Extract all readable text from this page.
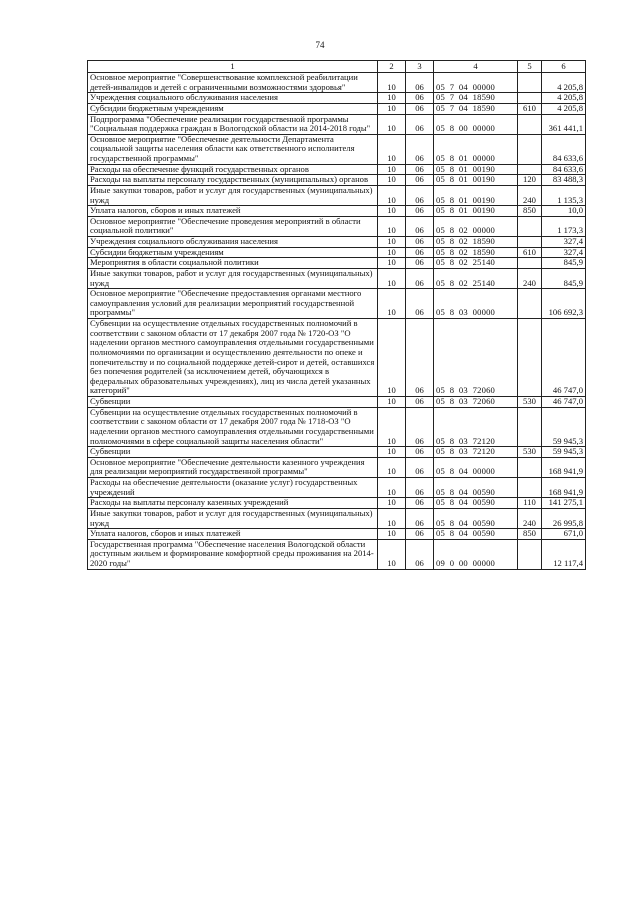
74
1	2	3	4	5	6
Основное мероприятие "Совершенствование комплексной реабилитации детей-инвалидов и детей с ограниченными возможностями здоровья"	10	06	05  7  04  00000		4 205,8
Учреждения социального обслуживания населения	10	06	05  7  04  18590		4 205,8
Субсидии бюджетным учреждениям	10	06	05  7  04  18590	610	4 205,8
Подпрограмма "Обеспечение реализации государственной программы "Социальная поддержка граждан в Вологодской области на 2014-2018 годы"	10	06	05  8  00  00000		361 441,1
Основное мероприятие "Обеспечение деятельности Департамента социальной защиты населения области как ответственного исполнителя государственной программы"	10	06	05  8  01  00000		84 633,6
Расходы на обеспечение функций государственных органов	10	06	05  8  01  00190		84 633,6
Расходы на выплаты персоналу государственных (муниципальных) органов	10	06	05  8  01  00190	120	83 488,3
Иные закупки товаров, работ и услуг для государственных (муниципальных) нужд	10	06	05  8  01  00190	240	1 135,3
Уплата налогов, сборов и иных платежей	10	06	05  8  01  00190	850	10,0
Основное мероприятие "Обеспечение проведения мероприятий в области социальной политики"	10	06	05  8  02  00000		1 173,3
Учреждения социального обслуживания населения	10	06	05  8  02  18590		327,4
Субсидии бюджетным учреждениям	10	06	05  8  02  18590	610	327,4
Мероприятия в области социальной политики	10	06	05  8  02  25140		845,9
Иные закупки товаров, работ и услуг для государственных (муниципальных) нужд	10	06	05  8  02  25140	240	845,9
Основное мероприятие "Обеспечение предоставления органами местного самоуправления условий для реализации мероприятий государственной программы"	10	06	05  8  03  00000		106 692,3
Субвенции на осуществление отдельных государственных полномочий в соответствии с законом области от 17 декабря 2007 года № 1720-ОЗ "О наделении органов местного самоуправления отдельными государственными полномочиями по организации и осуществлению деятельности по опеке и попечительству и по социальной поддержке детей-сирот и детей, оставшихся без попечения родителей (за исключением детей, обучающихся в федеральных образовательных учреждениях), лиц из числа детей указанных категорий"	10	06	05  8  03  72060		46 747,0
Субвенции	10	06	05  8  03  72060	530	46 747,0
Субвенции на осуществление отдельных государственных полномочий в соответствии с законом области от 17 декабря 2007 года № 1718-ОЗ "О наделении органов местного самоуправления отдельными государственными полномочиями в сфере социальной защиты населения области"	10	06	05  8  03  72120		59 945,3
Субвенции	10	06	05  8  03  72120	530	59 945,3
Основное мероприятие "Обеспечение деятельности казенного учреждения для реализации мероприятий государственной программы"	10	06	05  8  04  00000		168 941,9
Расходы на обеспечение деятельности (оказание услуг) государственных учреждений	10	06	05  8  04  00590		168 941,9
Расходы на выплаты персоналу казенных учреждений	10	06	05  8  04  00590	110	141 275,1
Иные закупки товаров, работ и услуг для государственных (муниципальных) нужд	10	06	05  8  04  00590	240	26 995,8
Уплата налогов, сборов и иных платежей	10	06	05  8  04  00590	850	671,0
Государственная программа "Обеспечение населения Вологодской области доступным жильем и формирование комфортной среды проживания на 2014-2020 годы"	10	06	09  0  00  00000		12 117,4
